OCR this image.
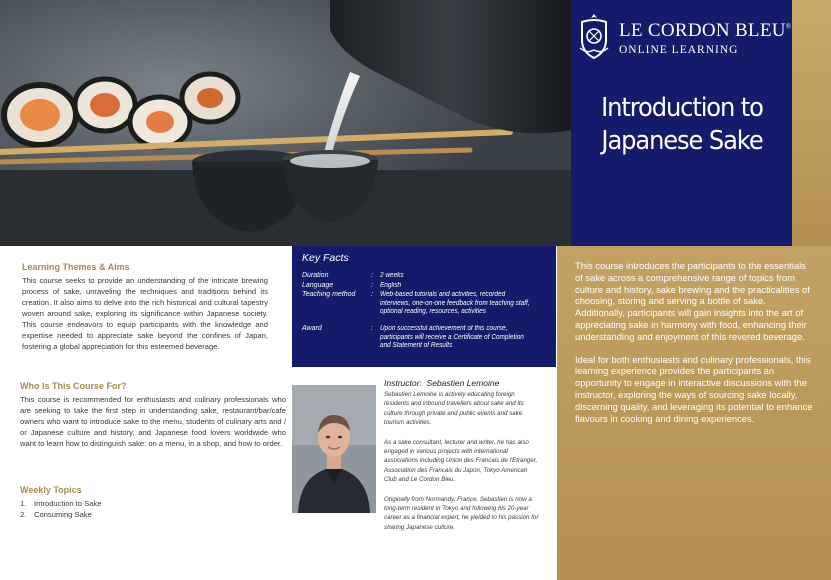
LE CORDON BLEU®
ONLINE LEARNING
Introduction to
Japanese Sake
Learning Themes & Aims

This course seeks to provide an understanding of the intricate brewing process of sake, unraveling the techniques and traditions behind its creation. It also aims to delve into the rich historical and cultural tapestry woven around sake, exploring its significance within Japanese society. This course endeavors to equip participants with the knowledge and expertise needed to appreciate sake beyond the confines of Japan, fostering a global appreciation for this esteemed beverage.

Who Is This Course For?

This course is recommended for enthusiasts and culinary professionals who are seeking to take the first step in understanding sake, restaurant/bar/cafe owners who want to introduce sake to the menu, students of culinary arts and / or Japanese culture and history, and Japanese food lovers worldwide who want to learn how to distinguish sake: on a menu, in a shop, and how to order.

Weekly Topics
1. Introduction to Sake
2. Consuming Sake
Key Facts
Duration	:	2 weeks
Language	:	English
Teaching method	:	Web-based tutorials and activities, recorded interviews, one-on-one feedback from teaching staff, optional reading, resources, activities
Award	:	Upon successful achievement of this course, participants will receive a Certificate of Completion and Statement of Results
Instructor: Sebastien Lemoine

Sebastien Lemoine is actively educating foreign residents and inbound travellers about sake and its culture through private and public events and sake tourism activities.

As a sake consultant, lecturer and writer, he has also engaged in various projects with international associations including Union des Francais de l'Etranger, Association des Francais du Japon, Tokyo American Club and Le Cordon Bleu.

Originally from Normandy, France, Sebastien is now a long-term resident in Tokyo and following his 20-year career as a financial expert, he yielded to his passion for sharing Japanese culture.

This course introduces the participants to the essentials of sake across a comprehensive range of topics from culture and history, sake brewing and the practicalities of choosing, storing and serving a bottle of sake. Additionally, participants will gain insights into the art of appreciating sake in harmony with food, enhancing their understanding and enjoyment of this revered beverage.

Ideal for both enthusiasts and culinary professionals, this learning experience provides the participants an opportunity to engage in interactive discussions with the instructor, exploring the ways of sourcing sake locally, discerning quality, and leveraging its potential to enhance flavours in cooking and dining experiences.
